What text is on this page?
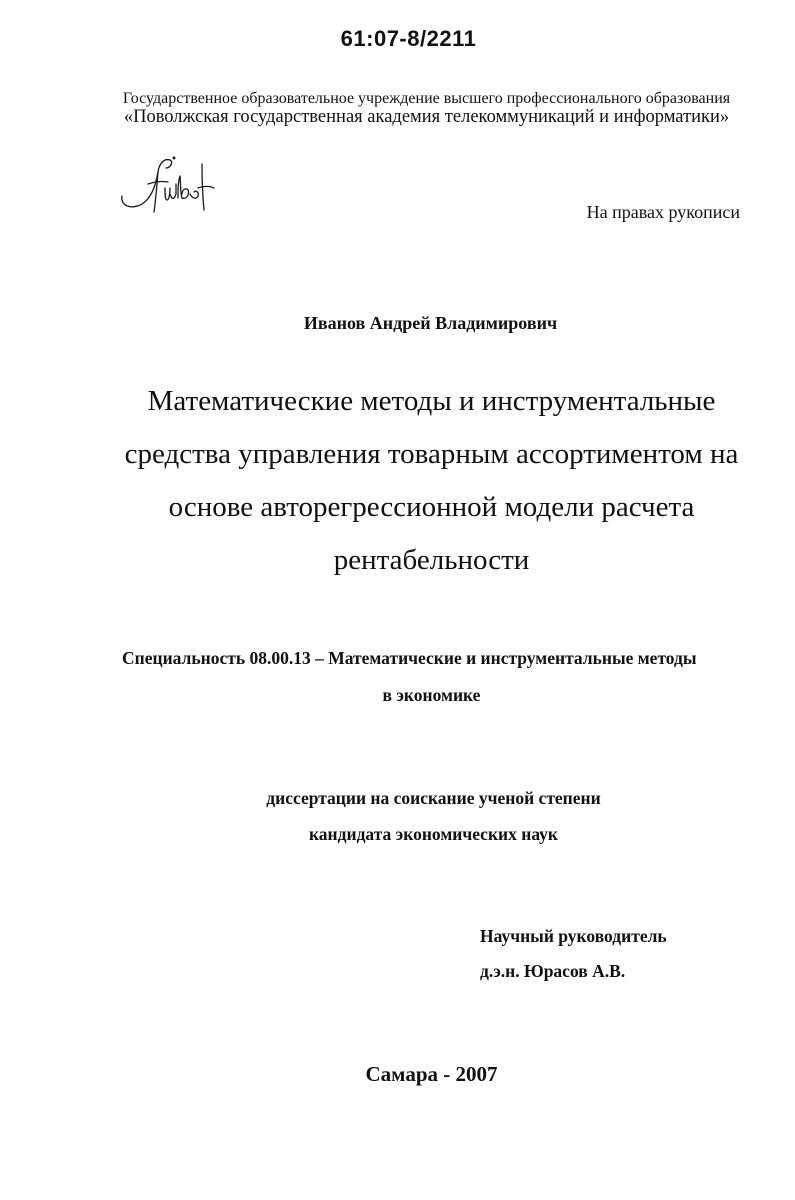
61:07-8/2211

Государственное образовательное учреждение высшего профессионального образования

«Поволжская государственная академия телекоммуникаций и информатики»

На правах рукописи

Иванов Андрей Владимирович

Математические методы и инструментальные
средства управления товарным ассортиментом на
основе авторегрессионной модели расчета
рентабельности

Специальность 08.00.13 – Математические и инструментальные методы

в экономике

диссертации на соискание ученой степени

кандидата экономических наук

Научный руководитель

д.э.н. Юрасов А.В.

Самара - 2007
